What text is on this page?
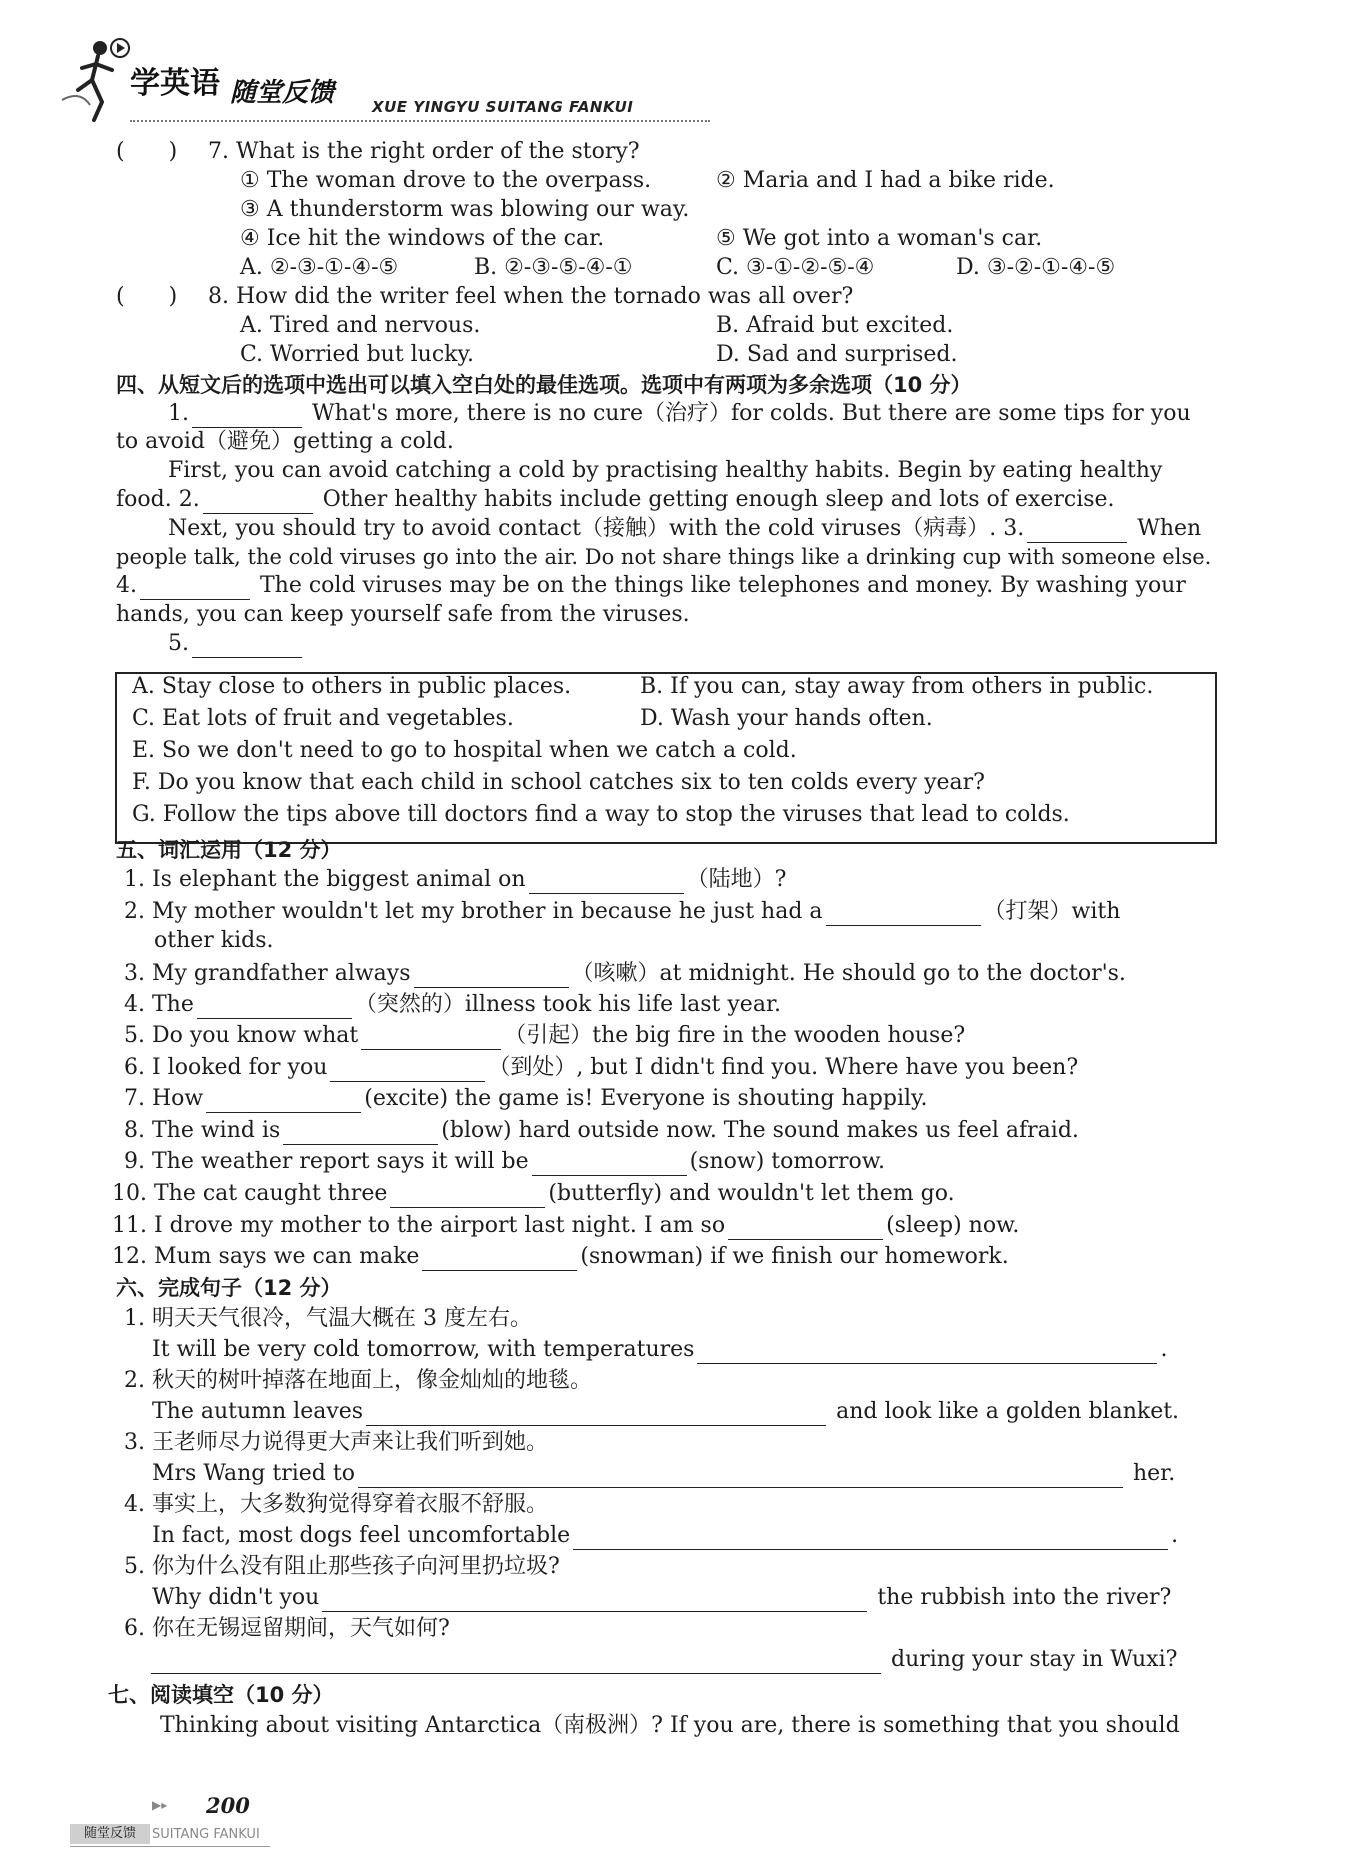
学英语 随堂反馈	XUE YINGYU SUITANG FANKUI
(　　) 7. What is the right order of the story?
① The woman drove to the overpass.	② Maria and I had a bike ride.
③ A thunderstorm was blowing our way.
④ Ice hit the windows of the car.	⑤ We got into a woman's car.
A. ②-③-①-④-⑤	B. ②-③-⑤-④-①	C. ③-①-②-⑤-④	D. ③-②-①-④-⑤
(　　) 8. How did the writer feel when the tornado was all over?
A. Tired and nervous.	B. Afraid but excited.
C. Worried but lucky.	D. Sad and surprised.
四、从短文后的选项中选出可以填入空白处的最佳选项。选项中有两项为多余选项（10 分）
1.	What's more, there is no cure（治疗）for colds. But there are some tips for you
to avoid（避免）getting a cold.
First, you can avoid catching a cold by practising healthy habits. Begin by eating healthy
food. 2.	Other healthy habits include getting enough sleep and lots of exercise.
Next, you should try to avoid contact（接触）with the cold viruses（病毒）. 3.	When
people talk, the cold viruses go into the air. Do not share things like a drinking cup with someone else.
4.	The cold viruses may be on the things like telephones and money. By washing your
hands, you can keep yourself safe from the viruses.
5.
A. Stay close to others in public places.	B. If you can, stay away from others in public.
C. Eat lots of fruit and vegetables.	D. Wash your hands often.
E. So we don't need to go to hospital when we catch a cold.
F. Do you know that each child in school catches six to ten colds every year?
G. Follow the tips above till doctors find a way to stop the viruses that lead to colds.
五、词汇运用（12 分）
1. Is elephant the biggest animal on	（陆地）?
2. My mother wouldn't let my brother in because he just had a	（打架）with
other kids.
3. My grandfather always	（咳嗽）at midnight. He should go to the doctor's.
4. The	（突然的）illness took his life last year.
5. Do you know what	（引起）the big fire in the wooden house?
6. I looked for you	（到处）, but I didn't find you. Where have you been?
7. How	(excite) the game is! Everyone is shouting happily.
8. The wind is	(blow) hard outside now. The sound makes us feel afraid.
9. The weather report says it will be	(snow) tomorrow.
10. The cat caught three	(butterfly) and wouldn't let them go.
11. I drove my mother to the airport last night. I am so	(sleep) now.
12. Mum says we can make	(snowman) if we finish our homework.
六、完成句子（12 分）
1. 明天天气很冷，气温大概在 3 度左右。
It will be very cold tomorrow, with temperatures	.
2. 秋天的树叶掉落在地面上，像金灿灿的地毯。
The autumn leaves	and look like a golden blanket.
3. 王老师尽力说得更大声来让我们听到她。
Mrs Wang tried to	her.
4. 事实上，大多数狗觉得穿着衣服不舒服。
In fact, most dogs feel uncomfortable	.
5. 你为什么没有阻止那些孩子向河里扔垃圾?
Why didn't you	the rubbish into the river?
6. 你在无锡逗留期间，天气如何?
during your stay in Wuxi?
七、阅读填空（10 分）
Thinking about visiting Antarctica（南极洲）? If you are, there is something that you should
▶▸ 200
随堂反馈	SUITANG FANKUI
